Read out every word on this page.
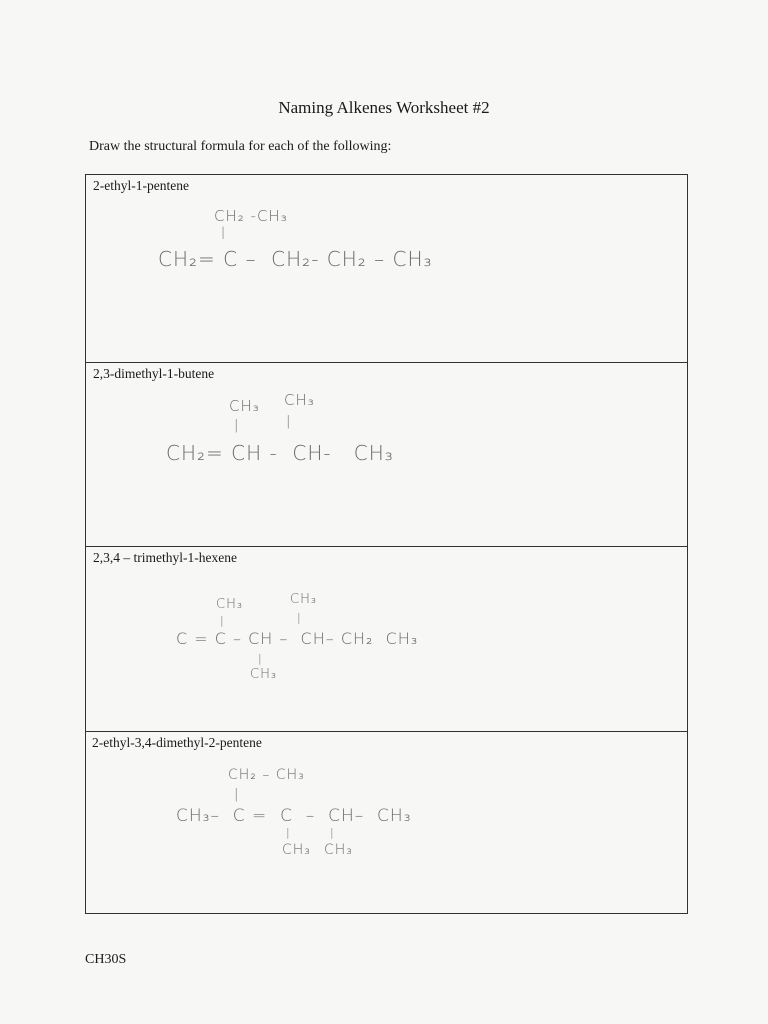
Naming Alkenes Worksheet #2
Draw the structural formula for each of the following:
2-ethyl-1-pentene
CH₂ -CH₃
|
CH₂= C –  CH₂- CH₂ – CH₃
2,3-dimethyl-1-butene
CH₃ CH₃
|	|
CH₂= CH -  CH-   CH₃
2,3,4 – trimethyl-1-hexene
CH₃	CH₃
|	|
C = C – CH –  CH– CH₂  CH₃
|
CH₃
2-ethyl-3,4-dimethyl-2-pentene
CH₂ – CH₃
|
CH₃–  C =  C  –  CH–  CH₃
|	|
CH₃ CH₃
CH30S
